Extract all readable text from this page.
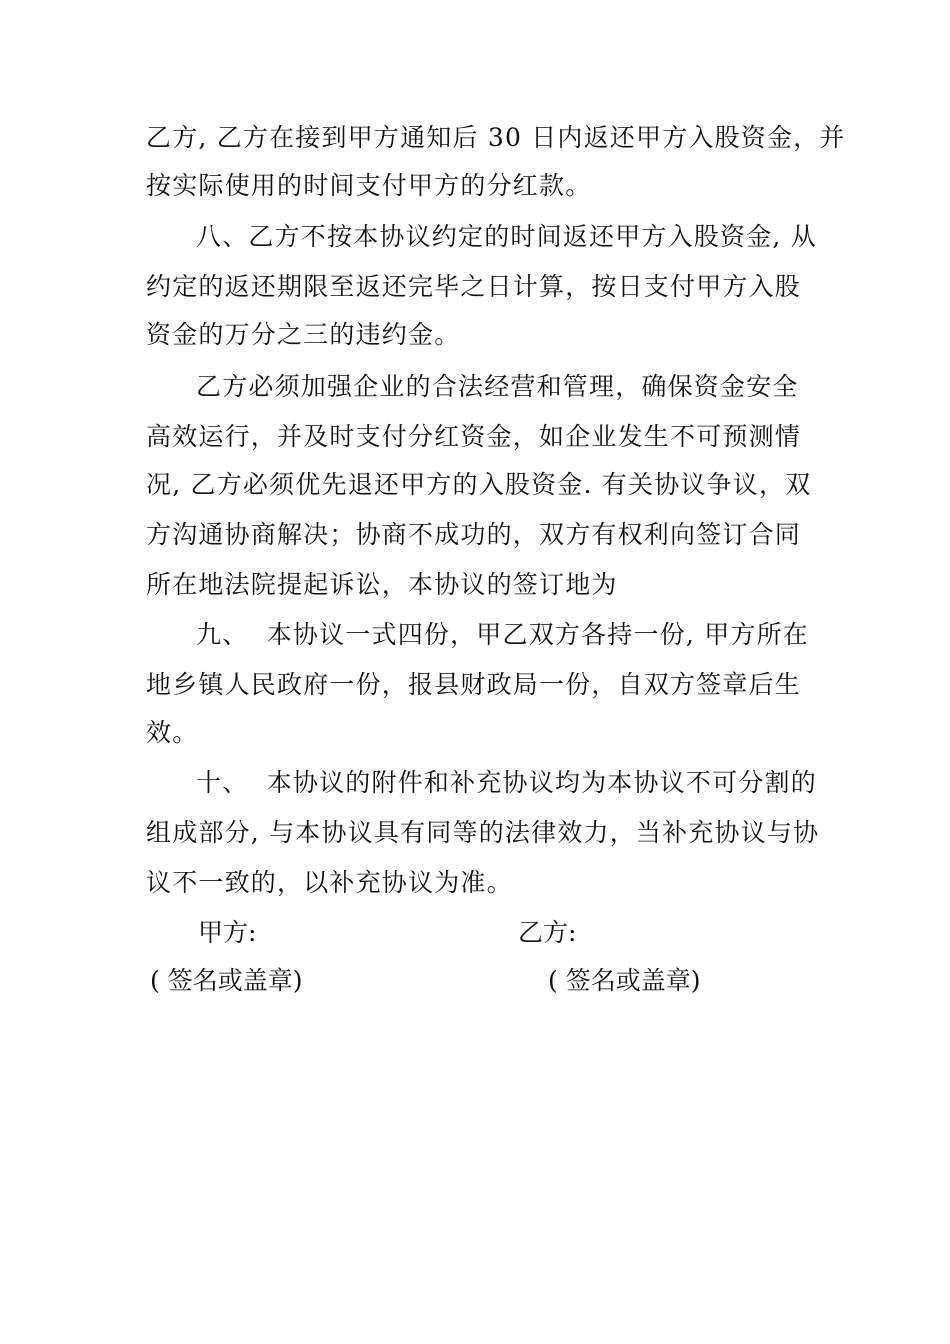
乙方, 乙方在接到甲方通知后 30 日内返还甲方入股资金，并
按实际使用的时间支付甲方的分红款。
八、乙方不按本协议约定的时间返还甲方入股资金, 从
约定的返还期限至返还完毕之日计算，按日支付甲方入股
资金的万分之三的违约金。
乙方必须加强企业的合法经营和管理，确保资金安全
高效运行，并及时支付分红资金，如企业发生不可预测情
况, 乙方必须优先退还甲方的入股资金. 有关协议争议，双
方沟通协商解决；协商不成功的，双方有权利向签订合同
所在地法院提起诉讼，本协议的签订地为
九、  本协议一式四份，甲乙双方各持一份, 甲方所在
地乡镇人民政府一份，报县财政局一份，自双方签章后生
效。
十、  本协议的附件和补充协议均为本协议不可分割的
组成部分, 与本协议具有同等的法律效力，当补充协议与协
议不一致的，以补充协议为准。
甲方:	乙方:
( 签名或盖章)	( 签名或盖章)
